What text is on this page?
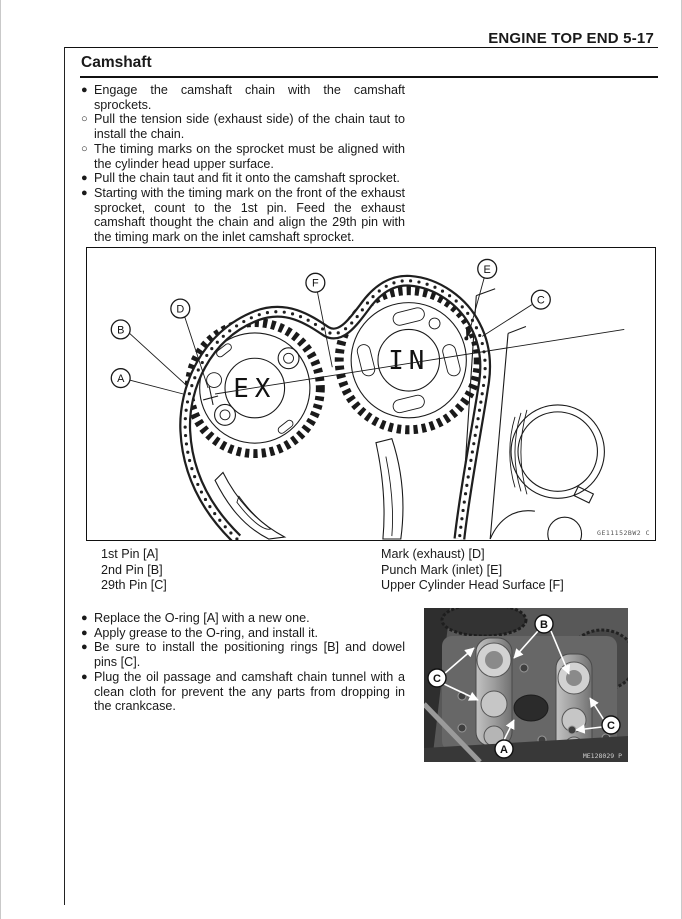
ENGINE TOP END 5-17
Camshaft
● Engage the camshaft chain with the camshaft sprockets.
○ Pull the tension side (exhaust side) of the chain taut to install the chain.
○ The timing marks on the sprocket must be aligned with the cylinder head upper surface.
● Pull the chain taut and fit it onto the camshaft sprocket.
● Starting with the timing mark on the front of the exhaust sprocket, count to the 1st pin. Feed the exhaust camshaft thought the chain and align the 29th pin with the timing mark on the inlet camshaft sprocket.
EX
IN
A
B
D
F
E
C
GE11152BW2 C
1st Pin [A]
2nd Pin [B]
29th Pin [C]
Mark (exhaust) [D]
Punch Mark (inlet) [E]
Upper Cylinder Head Surface [F]
● Replace the O-ring [A] with a new one.
● Apply grease to the O-ring, and install it.
● Be sure to install the positioning rings [B] and dowel pins [C].
● Plug the oil passage and camshaft chain tunnel with a clean cloth for prevent the any parts from dropping in the crankcase.
C
B
C
A	ME128029 P
